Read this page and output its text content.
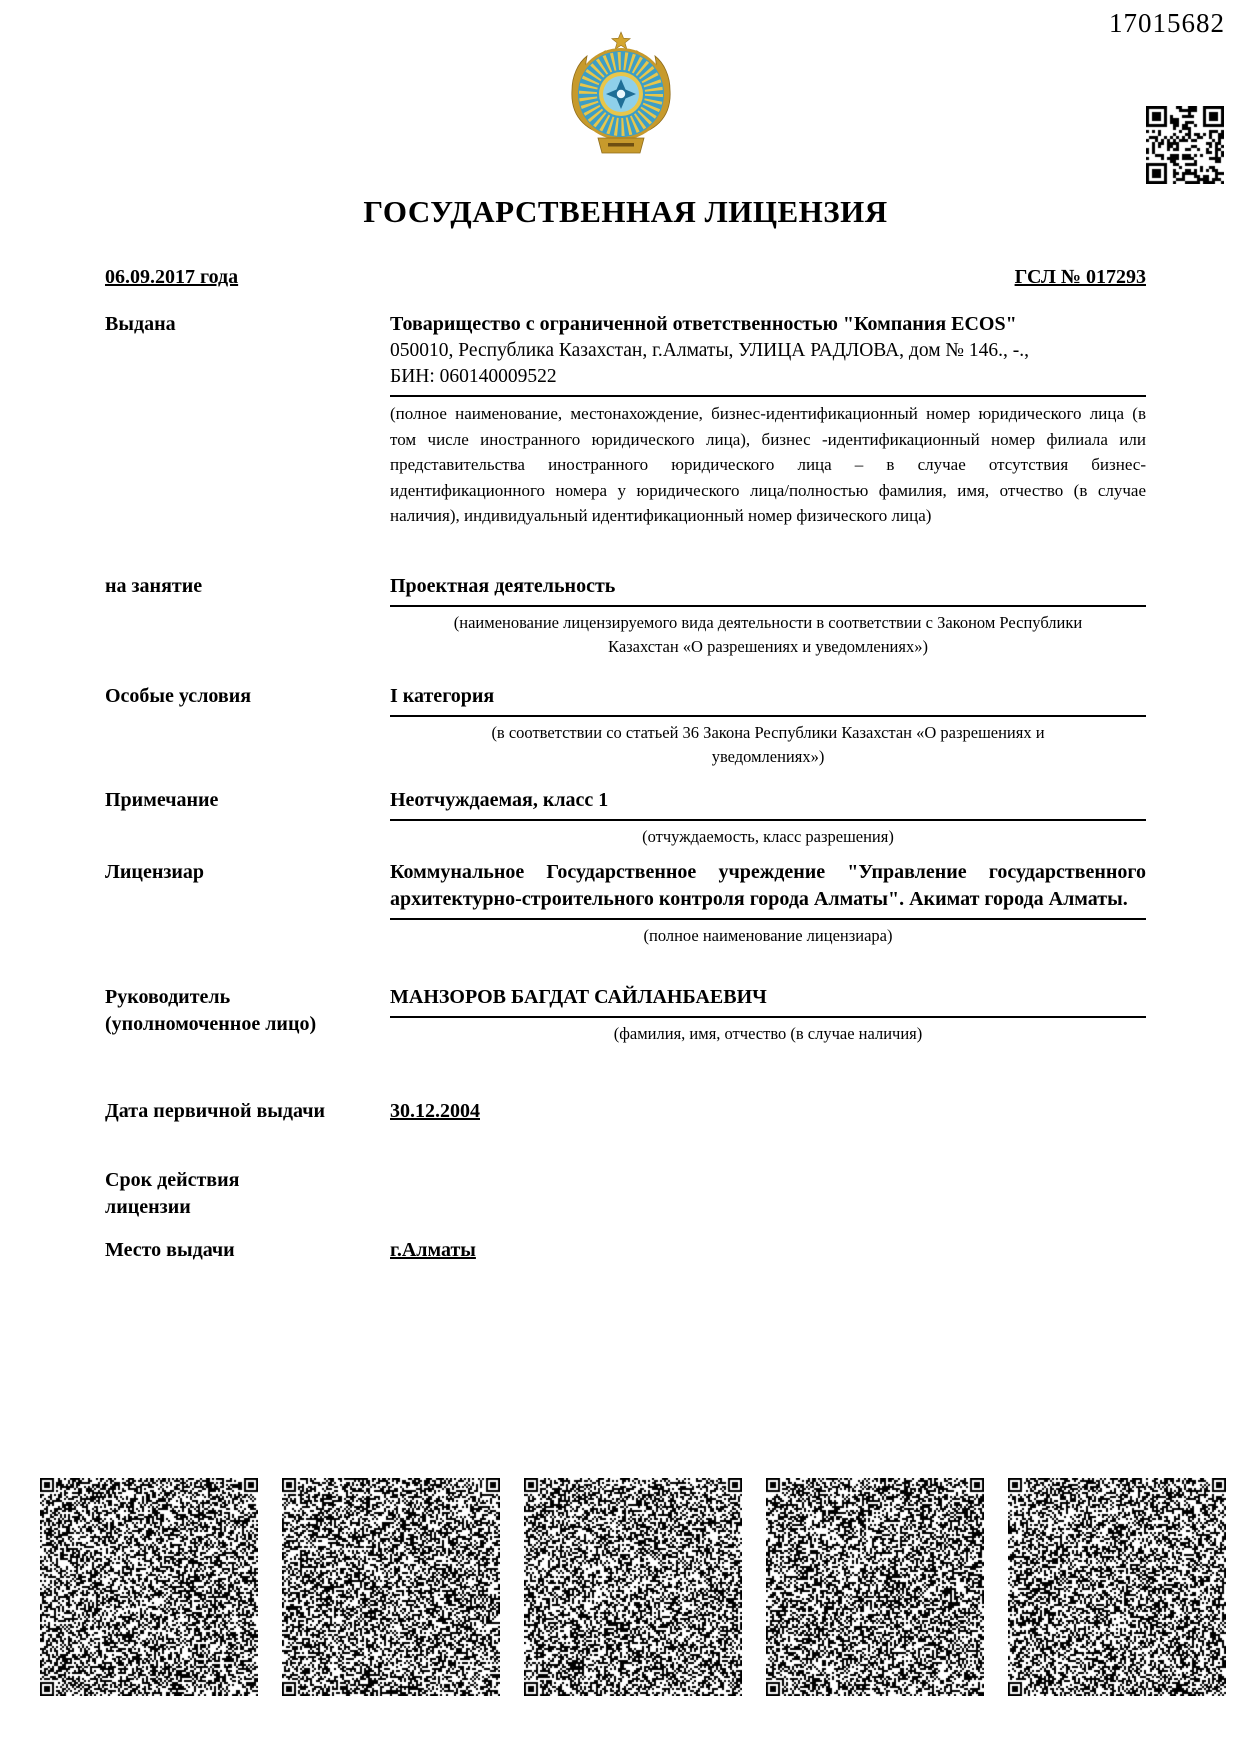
17015682
ГОСУДАРСТВЕННАЯ ЛИЦЕНЗИЯ
06.09.2017 года	ГСЛ № 017293
Выдана	Товарищество с ограниченной ответственностью "Компания ECOS"
050010, Республика Казахстан, г.Алматы, УЛИЦА РАДЛОВА, дом № 146., -.,
БИН: 060140009522
(полное наименование, местонахождение, бизнес-идентификационный номер юридического лица (в том числе иностранного юридического лица), бизнес -идентификационный номер филиала или представительства иностранного юридического лица – в случае отсутствия бизнес-идентификационного номера у юридического лица/полностью фамилия, имя, отчество (в случае наличия), индивидуальный идентификационный номер физического лица)
на занятие	Проектная деятельность
(наименование лицензируемого вида деятельности в соответствии с Законом Республики Казахстан «О разрешениях и уведомлениях»)
Особые условия	I категория
(в соответствии со статьей 36 Закона Республики Казахстан «О разрешениях и уведомлениях»)
Примечание	Неотчуждаемая, класс 1
(отчуждаемость, класс разрешения)
Лицензиар	Коммунальное Государственное учреждение "Управление государственного архитектурно-строительного контроля города Алматы". Акимат города Алматы.
(полное наименование лицензиара)
Руководитель
(уполномоченное лицо)
МАНЗОРОВ БАГДАТ САЙЛАНБАЕВИЧ
(фамилия, имя, отчество (в случае наличия)
Дата первичной выдачи	30.12.2004
Срок действия
лицензии
Место выдачи	г.Алматы
